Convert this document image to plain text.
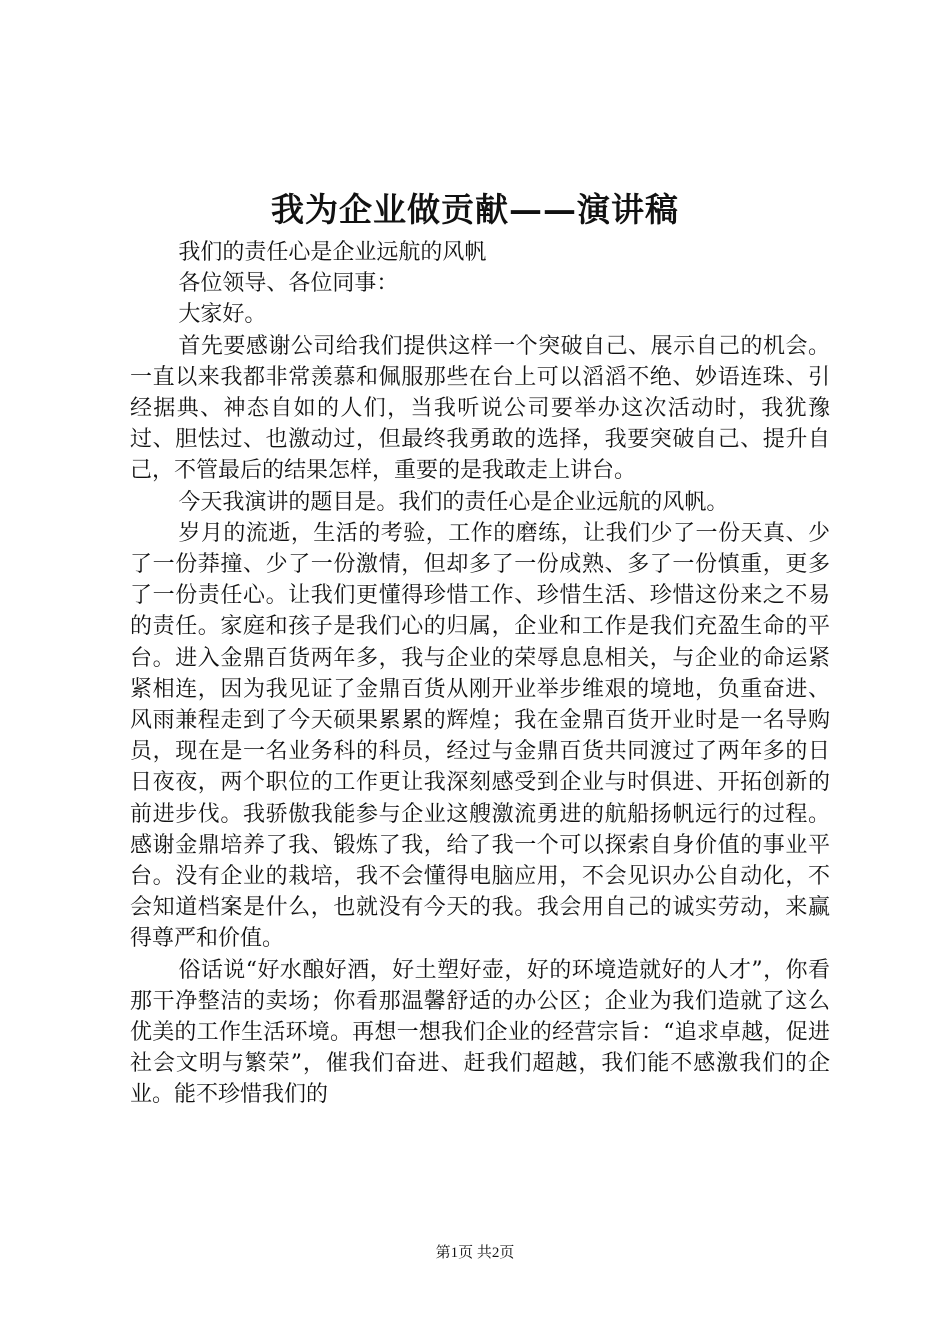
我为企业做贡献——演讲稿

我们的责任心是企业远航的风帆

各位领导、各位同事：

大家好。

首先要感谢公司给我们提供这样一个突破自己、展示自己的机会。一直以来我都非常羡慕和佩服那些在台上可以滔滔不绝、妙语连珠、引经据典、神态自如的人们，当我听说公司要举办这次活动时，我犹豫过、胆怯过、也激动过，但最终我勇敢的选择，我要突破自己、提升自己，不管最后的结果怎样，重要的是我敢走上讲台。

今天我演讲的题目是。我们的责任心是企业远航的风帆。

岁月的流逝，生活的考验，工作的磨练，让我们少了一份天真、少了一份莽撞、少了一份激情，但却多了一份成熟、多了一份慎重，更多了一份责任心。让我们更懂得珍惜工作、珍惜生活、珍惜这份来之不易的责任。家庭和孩子是我们心的归属，企业和工作是我们充盈生命的平台。进入金鼎百货两年多，我与企业的荣辱息息相关，与企业的命运紧紧相连，因为我见证了金鼎百货从刚开业举步维艰的境地，负重奋进、风雨兼程走到了今天硕果累累的辉煌；我在金鼎百货开业时是一名导购员，现在是一名业务科的科员，经过与金鼎百货共同渡过了两年多的日日夜夜，两个职位的工作更让我深刻感受到企业与时俱进、开拓创新的前进步伐。我骄傲我能参与企业这艘激流勇进的航船扬帆远行的过程。感谢金鼎培养了我、锻炼了我，给了我一个可以探索自身价值的事业平台。没有企业的栽培，我不会懂得电脑应用，不会见识办公自动化，不会知道档案是什么，也就没有今天的我。我会用自己的诚实劳动，来赢得尊严和价值。

俗话说“好水酿好酒，好土塑好壶，好的环境造就好的人才”，你看那干净整洁的卖场；你看那温馨舒适的办公区；企业为我们造就了这么优美的工作生活环境。再想一想我们企业的经营宗旨：“追求卓越，促进社会文明与繁荣”，催我们奋进、赶我们超越，我们能不感激我们的企业。能不珍惜我们的

第1页 共2页
